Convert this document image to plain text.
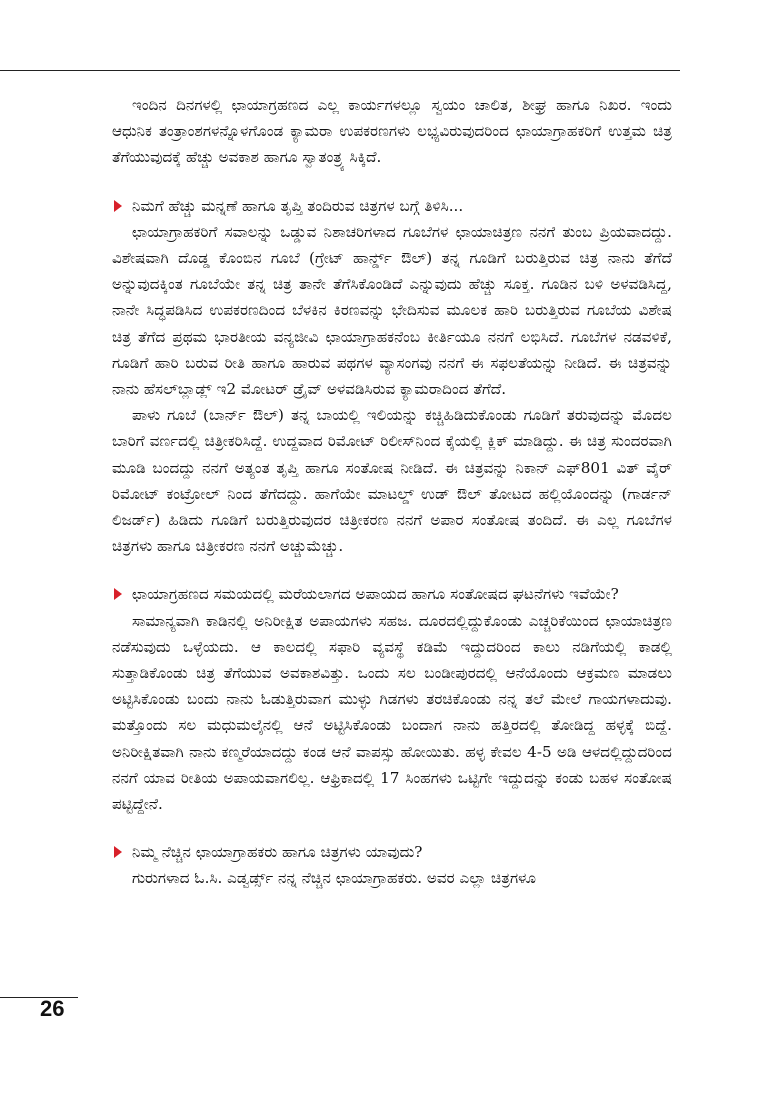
ಇಂದಿನ ದಿನಗಳಲ್ಲಿ ಛಾಯಾಗ್ರಹಣದ ಎಲ್ಲ ಕಾರ್ಯಗಳಲ್ಲೂ ಸ್ವಯಂ ಚಾಲಿತ, ಶೀಘ್ರ ಹಾಗೂ ನಿಖರ. ಇಂದು ಆಧುನಿಕ ತಂತ್ರಾಂಶಗಳನ್ನೊಳಗೊಂಡ ಕ್ಯಾಮರಾ ಉಪಕರಣಗಳು ಲಭ್ಯವಿರುವುದರಿಂದ ಛಾಯಾಗ್ರಾಹಕರಿಗೆ ಉತ್ತಮ ಚಿತ್ರ ತೆಗೆಯುವುದಕ್ಕೆ ಹೆಚ್ಚು ಅವಕಾಶ ಹಾಗೂ ಸ್ವಾತಂತ್ರ್ಯ ಸಿಕ್ಕಿದೆ.

ನಿಮಗೆ ಹೆಚ್ಚು ಮನ್ನಣೆ ಹಾಗೂ ತೃಪ್ತಿ ತಂದಿರುವ ಚಿತ್ರಗಳ ಬಗ್ಗೆ ತಿಳಿಸಿ...

ಛಾಯಾಗ್ರಾಹಕರಿಗೆ ಸವಾಲನ್ನು ಒಡ್ಡುವ ನಿಶಾಚರಿಗಳಾದ ಗೂಬೆಗಳ ಛಾಯಾಚಿತ್ರಣ ನನಗೆ ತುಂಬ ಪ್ರಿಯವಾದದ್ದು. ವಿಶೇಷವಾಗಿ ದೊಡ್ಡ ಕೊಂಬಿನ ಗೂಬೆ (ಗ್ರೇಟ್ ಹಾರ್ನ್ಡ್ ಔಲ್) ತನ್ನ ಗೂಡಿಗೆ ಬರುತ್ತಿರುವ ಚಿತ್ರ ನಾನು ತೆಗೆದೆ ಅನ್ನುವುದಕ್ಕಿಂತ ಗೂಬೆಯೇ ತನ್ನ ಚಿತ್ರ ತಾನೇ ತೆಗೆಸಿಕೊಂಡಿದೆ ಎನ್ನುವುದು ಹೆಚ್ಚು ಸೂಕ್ತ. ಗೂಡಿನ ಬಳಿ ಅಳವಡಿಸಿದ್ದ, ನಾನೇ ಸಿದ್ಧಪಡಿಸಿದ ಉಪಕರಣದಿಂದ ಬೆಳಕಿನ ಕಿರಣವನ್ನು ಭೇದಿಸುವ ಮೂಲಕ ಹಾರಿ ಬರುತ್ತಿರುವ ಗೂಬೆಯ ವಿಶೇಷ ಚಿತ್ರ ತೆಗೆದ ಪ್ರಥಮ ಭಾರತೀಯ ವನ್ಯಜೀವಿ ಛಾಯಾಗ್ರಾಹಕನೆಂಬ ಕೀರ್ತಿಯೂ ನನಗೆ ಲಭಿಸಿದೆ. ಗೂಬೆಗಳ ನಡವಳಿಕೆ, ಗೂಡಿಗೆ ಹಾರಿ ಬರುವ ರೀತಿ ಹಾಗೂ ಹಾರುವ ಪಥಗಳ ವ್ಯಾಸಂಗವು ನನಗೆ ಈ ಸಫಲತೆಯನ್ನು ನೀಡಿದೆ. ಈ ಚಿತ್ರವನ್ನು ನಾನು ಹೆಸಲ್‌ಬ್ಲಾಡ್ಲ್ ಇ2 ಮೋಟರ್ ಡ್ರೈವ್ ಅಳವಡಿಸಿರುವ ಕ್ಯಾಮರಾದಿಂದ ತೆಗೆದೆ.

ಪಾಳು ಗೂಬೆ (ಬಾರ್ನ್ ಔಲ್) ತನ್ನ ಬಾಯಲ್ಲಿ ಇಲಿಯನ್ನು ಕಚ್ಚಿಹಿಡಿದುಕೊಂಡು ಗೂಡಿಗೆ ತರುವುದನ್ನು ಮೊದಲ ಬಾರಿಗೆ ವರ್ಣದಲ್ಲಿ ಚಿತ್ರೀಕರಿಸಿದ್ದೆ. ಉದ್ದವಾದ ರಿಮೋಟ್ ರಿಲೀಸ್‌ನಿಂದ ಕೈಯಲ್ಲಿ ಕ್ಲಿಕ್ ಮಾಡಿದ್ದು. ಈ ಚಿತ್ರ ಸುಂದರವಾಗಿ ಮೂಡಿ ಬಂದದ್ದು ನನಗೆ ಅತ್ಯಂತ ತೃಪ್ತಿ ಹಾಗೂ ಸಂತೋಷ ನೀಡಿದೆ. ಈ ಚಿತ್ರವನ್ನು ನಿಕಾನ್ ಎಫ್801 ವಿತ್ ವೈರ್ ರಿಮೋಟ್ ಕಂಟ್ರೋಲ್ ನಿಂದ ತೆಗೆದದ್ದು. ಹಾಗೆಯೇ ಮಾಟಲ್ಡ್ ಉಡ್ ಔಲ್ ತೋಟದ ಹಲ್ಲಿಯೊಂದನ್ನು (ಗಾರ್ಡನ್ ಲಿಜರ್ಡ್) ಹಿಡಿದು ಗೂಡಿಗೆ ಬರುತ್ತಿರುವುದರ ಚಿತ್ರೀಕರಣ ನನಗೆ ಅಪಾರ ಸಂತೋಷ ತಂದಿದೆ. ಈ ಎಲ್ಲ ಗೂಬೆಗಳ ಚಿತ್ರಗಳು ಹಾಗೂ ಚಿತ್ರೀಕರಣ ನನಗೆ ಅಚ್ಚುಮೆಚ್ಚು.

ಛಾಯಾಗ್ರಹಣದ ಸಮಯದಲ್ಲಿ ಮರೆಯಲಾಗದ ಅಪಾಯದ ಹಾಗೂ ಸಂತೋಷದ ಘಟನೆಗಳು ಇವೆಯೇ?

ಸಾಮಾನ್ಯವಾಗಿ ಕಾಡಿನಲ್ಲಿ ಅನಿರೀಕ್ಷಿತ ಅಪಾಯಗಳು ಸಹಜ. ದೂರದಲ್ಲಿದ್ದುಕೊಂಡು ಎಚ್ಚರಿಕೆಯಿಂದ ಛಾಯಾಚಿತ್ರಣ ನಡೆಸುವುದು ಒಳ್ಳೆಯದು. ಆ ಕಾಲದಲ್ಲಿ ಸಫಾರಿ ವ್ಯವಸ್ಥೆ ಕಡಿಮೆ ಇದ್ದುದರಿಂದ ಕಾಲು ನಡಿಗೆಯಲ್ಲಿ ಕಾಡಲ್ಲಿ ಸುತ್ತಾಡಿಕೊಂಡು ಚಿತ್ರ ತೆಗೆಯುವ ಅವಕಾಶವಿತ್ತು. ಒಂದು ಸಲ ಬಂಡೀಪುರದಲ್ಲಿ ಆನೆಯೊಂದು ಆಕ್ರಮಣ ಮಾಡಲು ಅಟ್ಟಿಸಿಕೊಂಡು ಬಂದು ನಾನು ಓಡುತ್ತಿರುವಾಗ ಮುಳ್ಳು ಗಿಡಗಳು ತರಚಿಕೊಂಡು ನನ್ನ ತಲೆ ಮೇಲೆ ಗಾಯಗಳಾದುವು. ಮತ್ತೊಂದು ಸಲ ಮಧುಮಲೈನಲ್ಲಿ ಆನೆ ಅಟ್ಟಿಸಿಕೊಂಡು ಬಂದಾಗ ನಾನು ಹತ್ತಿರದಲ್ಲಿ ತೋಡಿದ್ದ ಹಳ್ಳಕ್ಕೆ ಬಿದ್ದೆ. ಅನಿರೀಕ್ಷಿತವಾಗಿ ನಾನು ಕಣ್ಮರೆಯಾದದ್ದು ಕಂಡ ಆನೆ ವಾಪಸ್ಸು ಹೋಯಿತು. ಹಳ್ಳ ಕೇವಲ 4-5 ಅಡಿ ಆಳದಲ್ಲಿದ್ದುದರಿಂದ ನನಗೆ ಯಾವ ರೀತಿಯ ಅಪಾಯವಾಗಲಿಲ್ಲ. ಆಫ್ರಿಕಾದಲ್ಲಿ 17 ಸಿಂಹಗಳು ಒಟ್ಟಿಗೇ ಇದ್ದುದನ್ನು ಕಂಡು ಬಹಳ ಸಂತೋಷ ಪಟ್ಟಿದ್ದೇನೆ.

ನಿಮ್ಮ ನೆಚ್ಚಿನ ಛಾಯಾಗ್ರಾಹಕರು ಹಾಗೂ ಚಿತ್ರಗಳು ಯಾವುದು?

ಗುರುಗಳಾದ ಓ.ಸಿ. ಎಡ್ವರ್ಡ್ಸ್ ನನ್ನ ನೆಚ್ಚಿನ ಛಾಯಾಗ್ರಾಹಕರು. ಅವರ ಎಲ್ಲಾ ಚಿತ್ರಗಳೂ

26
